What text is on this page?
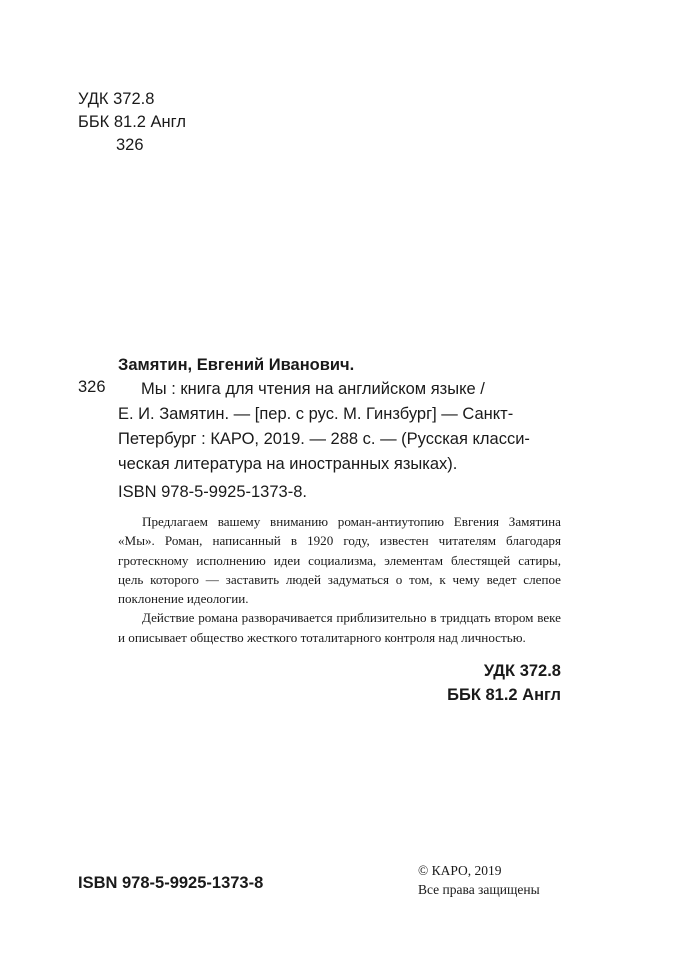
УДК 372.8
ББК 81.2 Англ
326
Замятин, Евгений Иванович.
326	Мы : книга для чтения на английском языке /
Е. И. Замятин. — [пер. с рус. М. Гинзбург] — Санкт-
Петербург : КАРО, 2019. — 288 с. — (Русская класси-
ческая литература на иностранных языках).
ISBN 978-5-9925-1373-8.

Предлагаем вашему вниманию роман-антиутопию Евгения Замятина «Мы». Роман, написанный в 1920 году, известен читателям благодаря гротескному исполнению идеи социализма, элементам блестящей сатиры, цель которого — заставить людей задуматься о том, к чему ведет слепое поклонение идеологии.

Действие романа разворачивается приблизительно в тридцать втором веке и описывает общество жесткого тоталитарного контроля над личностью.

УДК 372.8
ББК 81.2 Англ
ISBN 978-5-9925-1373-8
© КАРО, 2019
Все права защищены
